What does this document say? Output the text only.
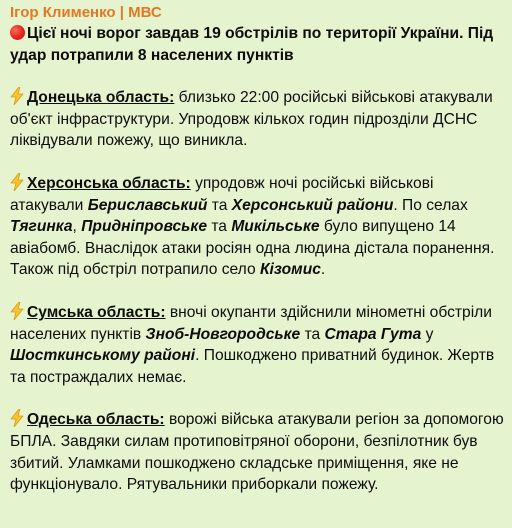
Ігор Клименко | МВС
Цієї ночі ворог завдав 19 обстрілів по території України. Під удар потрапили 8 населених пунктів
Донецька область: близько 22:00 російські військові атакували об'єкт інфраструктури. Упродовж кількох годин підрозділи ДСНС ліквідували пожежу, що виникла.
Херсонська область: упродовж ночі російські військові атакували Бериславський та Херсонський райони. По селах Тягинка, Придніпровське та Микільське було випущено 14 авіабомб. Внаслідок атаки росіян одна людина дістала поранення. Також під обстріл потрапило село Кізомис.
Сумська область: вночі окупанти здійснили мінометні обстріли населених пунктів Зноб-Новгородське та Стара Гута у Шосткинському районі. Пошкоджено приватний будинок. Жертв та постраждалих немає.
Одеська область: ворожі війська атакували регіон за допомогою БПЛА. Завдяки силам протиповітряної оборони, безпілотник був збитий. Уламками пошкоджено складське приміщення, яке не функціонувало. Рятувальники приборкали пожежу.
